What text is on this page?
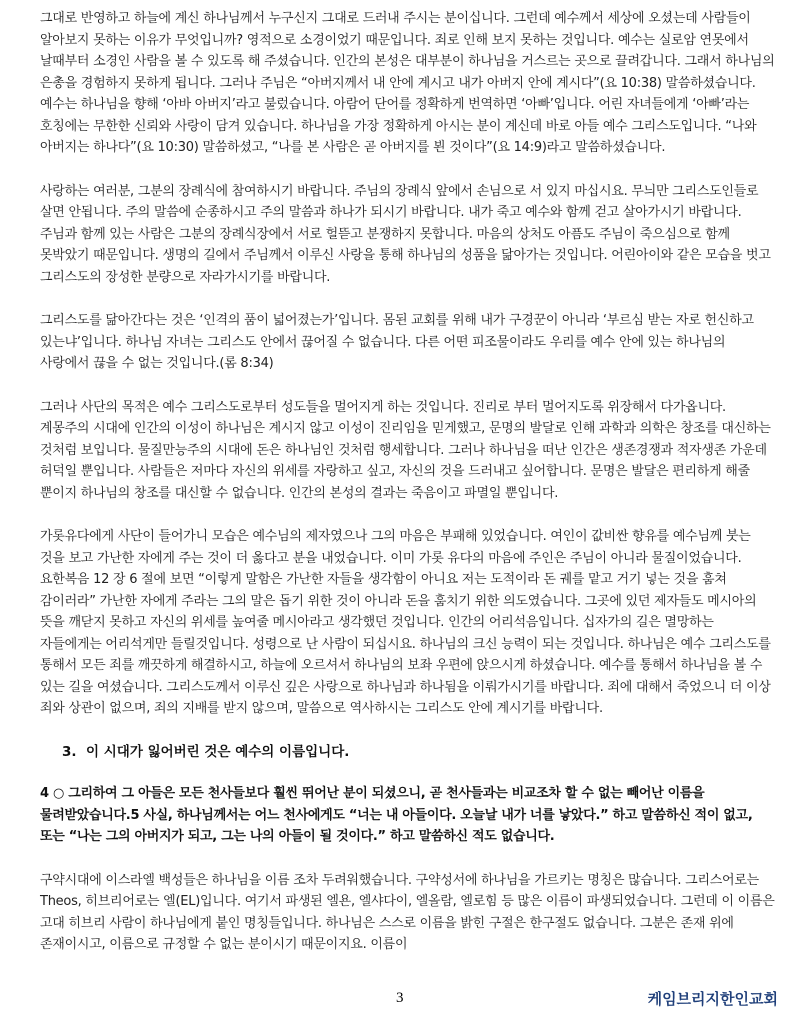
그대로 반영하고 하늘에 계신 하나님께서 누구신지 그대로 드러내 주시는 분이십니다. 그런데 예수께서 세상에 오셨는데 사람들이 알아보지 못하는 이유가 무엇입니까? 영적으로 소경이었기 때문입니다. 죄로 인해 보지 못하는 것입니다. 예수는 실로암 연못에서 날때부터 소경인 사람을 볼 수 있도록 해 주셨습니다. 인간의 본성은 대부분이 하나님을 거스르는 곳으로 끌려갑니다. 그래서 하나님의 은총을 경험하지 못하게 됩니다. 그러나 주님은 “아버지께서 내 안에 계시고 내가 아버지 안에 계시다”(요 10:38) 말씀하셨습니다. 예수는 하나님을 향해 ‘아바 아버지’라고 불렀습니다. 아람어 단어를 정확하게 번역하면 ‘아빠’입니다. 어린 자녀들에게 ‘아빠’라는 호칭에는 무한한 신뢰와 사랑이 담겨 있습니다. 하나님을 가장 정확하게 아시는 분이 계신데 바로 아들 예수 그리스도입니다. “나와 아버지는 하나다”(요 10:30) 말씀하셨고, “나를 본 사람은 곧 아버지를 뵌 것이다”(요 14:9)라고 말씀하셨습니다.

사랑하는 여러분, 그분의 장례식에 참여하시기 바랍니다. 주님의 장례식 앞에서 손님으로 서 있지 마십시요. 무늬만 그리스도인들로 살면 안됩니다. 주의 말씀에 순종하시고 주의 말씀과 하나가 되시기 바랍니다. 내가 죽고 예수와 함께 걷고 살아가시기 바랍니다. 주님과 함께 있는 사람은 그분의 장례식장에서 서로 헐뜯고 분쟁하지 못합니다. 마음의 상처도 아픔도 주님이 죽으심으로 함께 못박았기 때문입니다. 생명의 길에서 주님께서 이루신 사랑을 통해 하나님의 성품을 닮아가는 것입니다. 어린아이와 같은 모습을 벗고 그리스도의 장성한 분량으로 자라가시기를 바랍니다.

그리스도를 닮아간다는 것은 ‘인격의 품이 넓어졌는가’입니다. 몸된 교회를 위해 내가 구경꾼이 아니라 ‘부르심 받는 자로 헌신하고 있는냐’입니다. 하나님 자녀는 그리스도 안에서 끊어질 수 없습니다. 다른 어떤 피조물이라도 우리를 예수 안에 있는 하나님의 사랑에서 끊을 수 없는 것입니다.(롬 8:34)

그러나 사단의 목적은 예수 그리스도로부터 성도들을 멀어지게 하는 것입니다. 진리로 부터 멀어지도록 위장해서 다가옵니다. 계몽주의 시대에 인간의 이성이 하나님은 계시지 않고 이성이 진리임을 믿게했고, 문명의 발달로 인해 과학과 의학은 창조를 대신하는 것처럼 보입니다. 물질만능주의 시대에 돈은 하나님인 것처럼 행세합니다. 그러나 하나님을 떠난 인간은 생존경쟁과 적자생존 가운데 허덕일 뿐입니다. 사람들은 저마다 자신의 위세를 자랑하고 싶고, 자신의 것을 드러내고 싶어합니다. 문명은 발달은 편리하게 해줄 뿐이지 하나님의 창조를 대신할 수 없습니다. 인간의 본성의 결과는 죽음이고 파멸일 뿐입니다.

가롯유다에게 사단이 들어가니 모습은 예수님의 제자였으나 그의 마음은 부패해 있었습니다. 여인이 값비싼 향유를 예수님께 붓는 것을 보고 가난한 자에게 주는 것이 더 옳다고 분을 내었습니다. 이미 가롯 유다의 마음에 주인은 주님이 아니라 물질이었습니다. 요한복음 12 장 6 절에 보면 “이렇게 말함은 가난한 자들을 생각함이 아니요 저는 도적이라 돈 궤를 맡고 거기 넣는 것을 훔쳐 감이러라” 가난한 자에게 주라는 그의 말은 돕기 위한 것이 아니라 돈을 훔치기 위한 의도였습니다. 그곳에 있던 제자들도 메시아의 뜻을 깨닫지 못하고 자신의 위세를 높여줄 메시아라고 생각했던 것입니다. 인간의 어리석음입니다. 십자가의 길은 멸망하는 자들에게는 어리석게만 들릴것입니다. 성령으로 난 사람이 되십시요. 하나님의 크신 능력이 되는 것입니다. 하나님은 예수 그리스도를 통해서 모든 죄를 깨끗하게 해결하시고, 하늘에 오르셔서 하나님의 보좌 우편에 앉으시게 하셨습니다. 예수를 통해서 하나님을 볼 수 있는 길을 여셨습니다. 그리스도께서 이루신 깊은 사랑으로 하나님과 하나됨을 이뤄가시기를 바랍니다. 죄에 대해서 죽었으니 더 이상 죄와 상관이 없으며, 죄의 지배를 받지 않으며, 말씀으로 역사하시는 그리스도 안에 계시기를 바랍니다.

3. 이 시대가 잃어버린 것은 예수의 이름입니다.

4 ○ 그리하여 그 아들은 모든 천사들보다 훨씬 뛰어난 분이 되셨으니, 곧 천사들과는 비교조차 할 수 없는 빼어난 이름을 물려받았습니다.5 사실, 하나님께서는 어느 천사에게도 “너는 내 아들이다. 오늘날 내가 너를 낳았다.” 하고 말씀하신 적이 없고, 또는 “나는 그의 아버지가 되고, 그는 나의 아들이 될 것이다.” 하고 말씀하신 적도 없습니다.

구약시대에 이스라엘 백성들은 하나님을 이름 조차 두려워했습니다. 구약성서에 하나님을 가르키는 명칭은 많습니다. 그리스어로는 Theos, 히브리어로는 엘(EL)입니다. 여기서 파생된 엘욘, 엘샤다이, 엘올람, 엘로힘 등 많은 이름이 파생되었습니다. 그런데 이 이름은 고대 히브리 사람이 하나님에게 붙인 명칭들입니다. 하나님은 스스로 이름을 밝힌 구절은 한구절도 없습니다. 그분은 존재 위에 존재이시고, 이름으로 규정할 수 없는 분이시기 때문이지요. 이름이

3	케임브리지한인교회
